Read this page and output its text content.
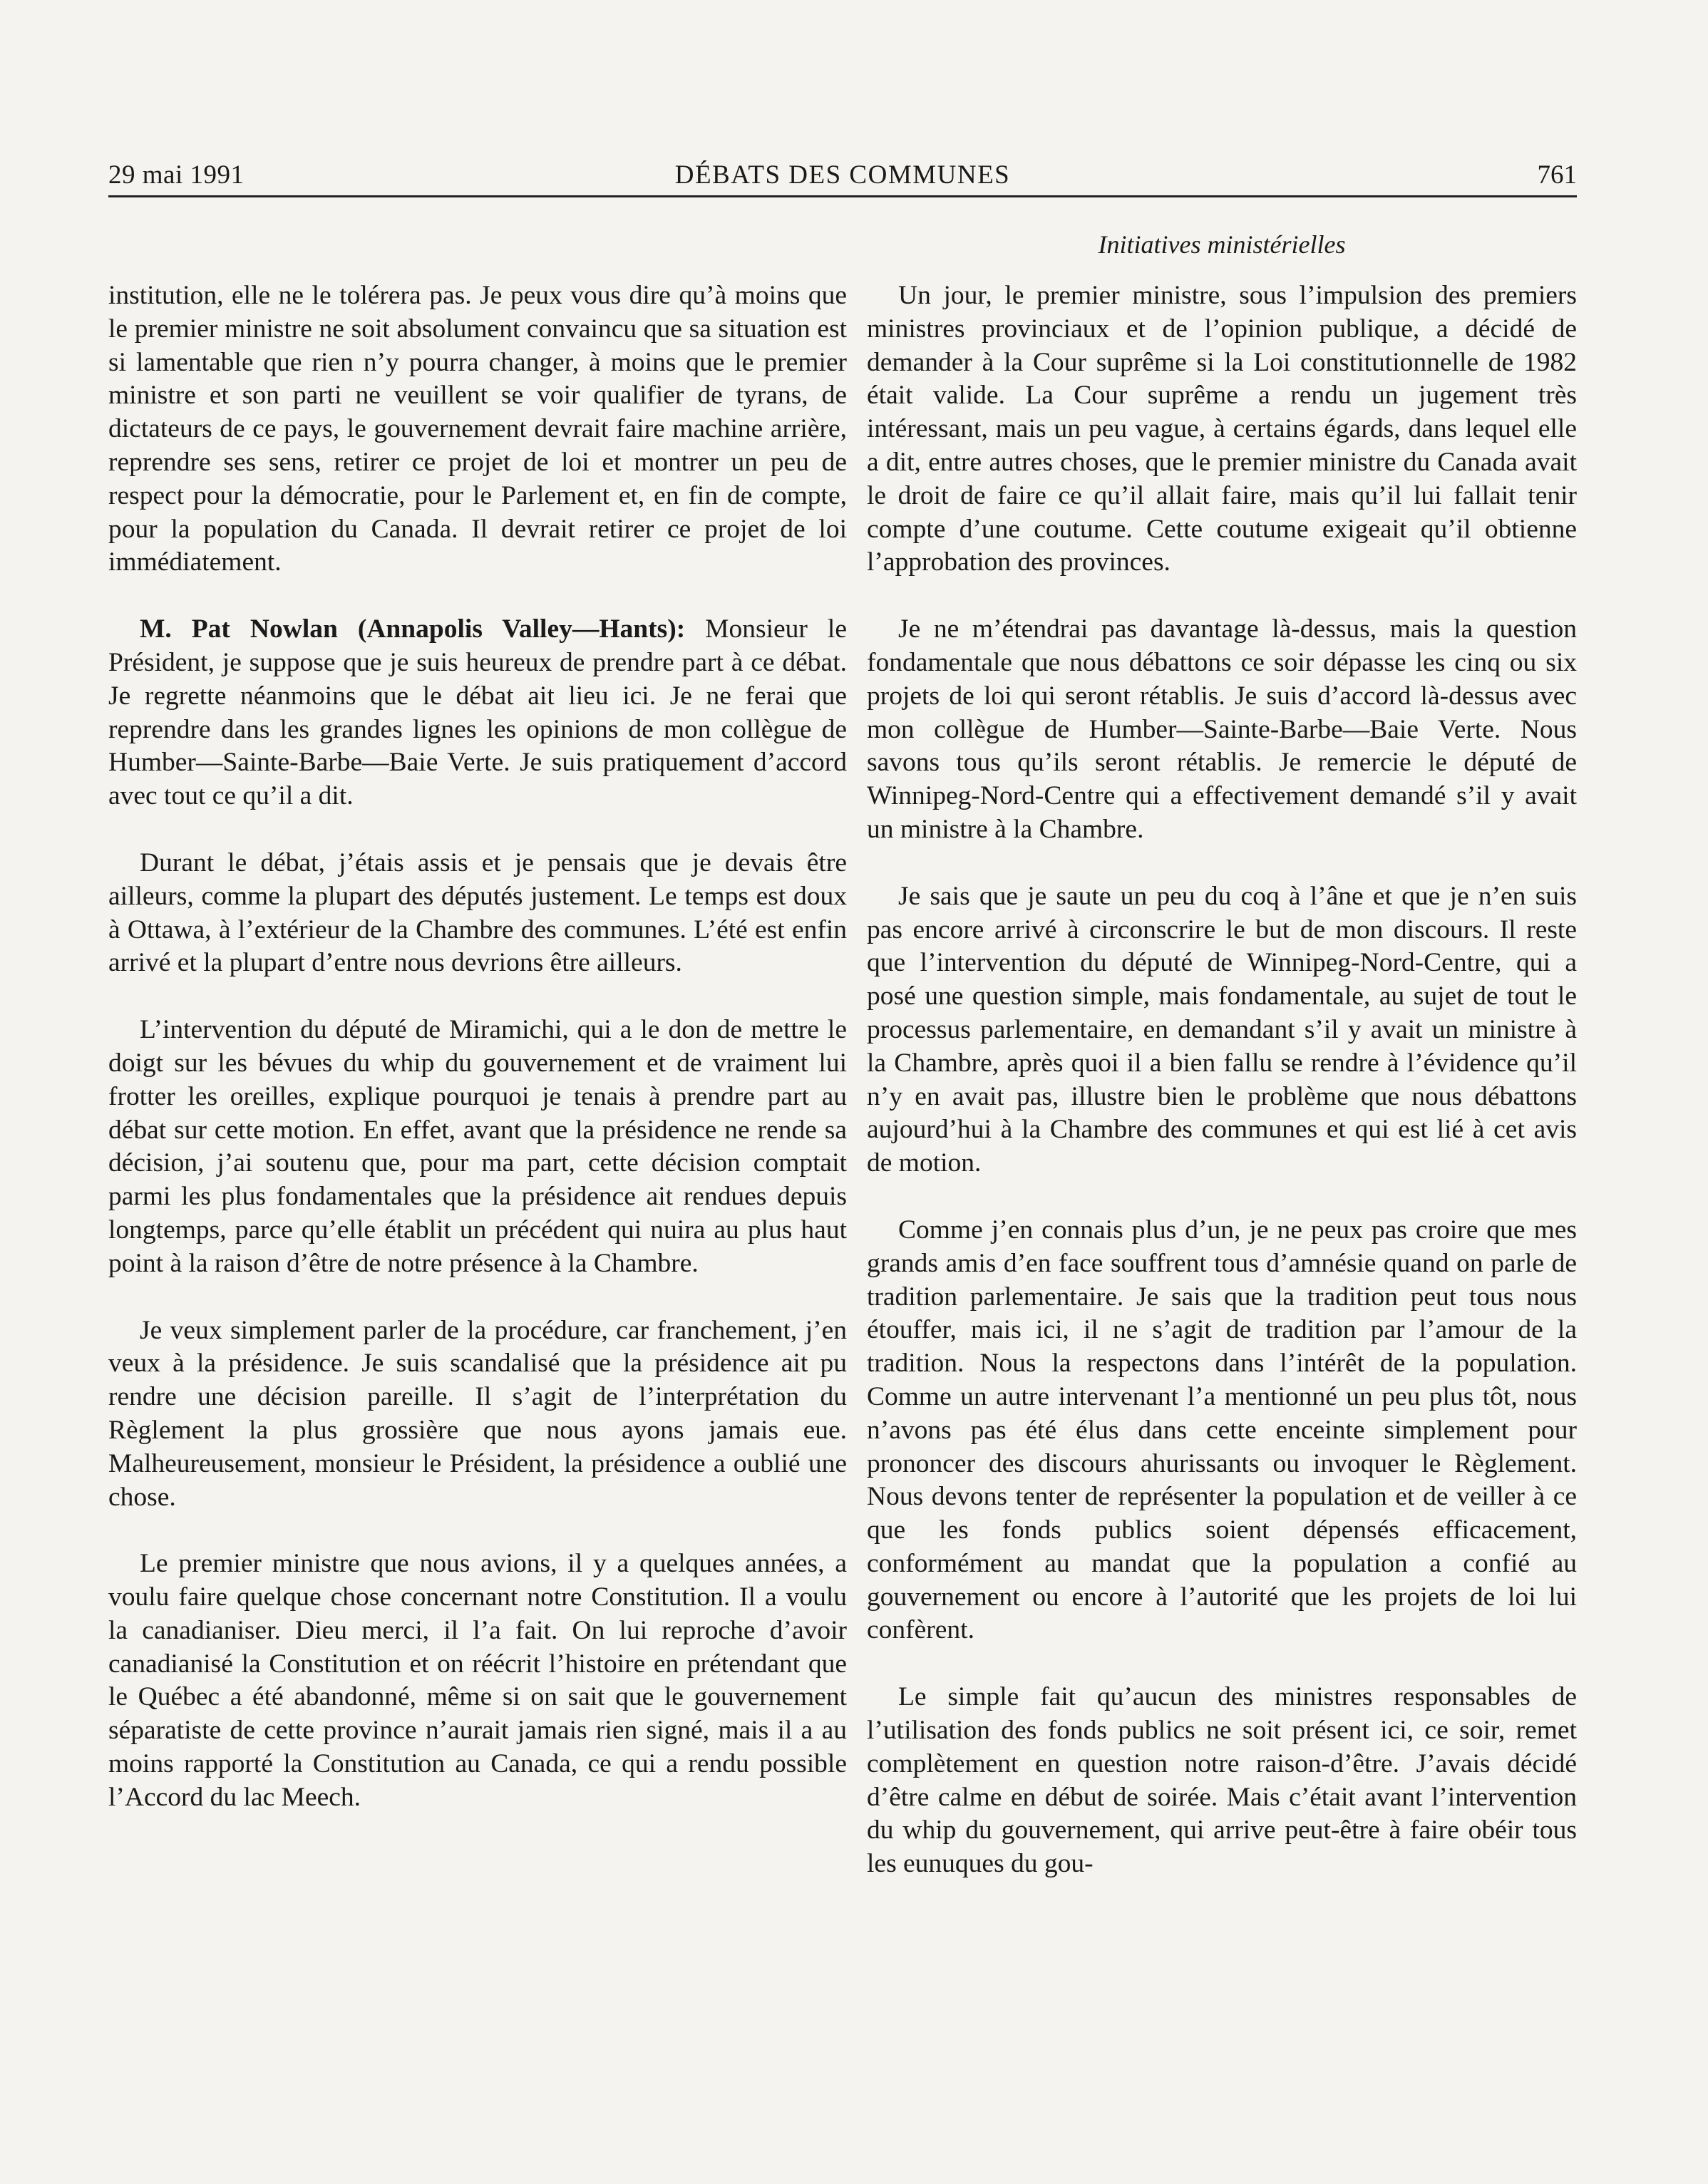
29 mai 1991	DÉBATS DES COMMUNES	761
Initiatives ministérielles

institution, elle ne le tolérera pas. Je peux vous dire qu’à moins que le premier ministre ne soit absolument convaincu que sa situation est si lamentable que rien n’y pourra changer, à moins que le premier ministre et son parti ne veuillent se voir qualifier de tyrans, de dictateurs de ce pays, le gouvernement devrait faire machine arrière, reprendre ses sens, retirer ce projet de loi et montrer un peu de respect pour la démocratie, pour le Parlement et, en fin de compte, pour la population du Canada. Il devrait retirer ce projet de loi immédiatement.

M. Pat Nowlan (Annapolis Valley—Hants): Monsieur le Président, je suppose que je suis heureux de prendre part à ce débat. Je regrette néanmoins que le débat ait lieu ici. Je ne ferai que reprendre dans les grandes lignes les opinions de mon collègue de Humber—Sainte-Barbe—Baie Verte. Je suis pratiquement d’accord avec tout ce qu’il a dit.

Durant le débat, j’étais assis et je pensais que je devais être ailleurs, comme la plupart des députés justement. Le temps est doux à Ottawa, à l’extérieur de la Chambre des communes. L’été est enfin arrivé et la plupart d’entre nous devrions être ailleurs.

L’intervention du député de Miramichi, qui a le don de mettre le doigt sur les bévues du whip du gouvernement et de vraiment lui frotter les oreilles, explique pourquoi je tenais à prendre part au débat sur cette motion. En effet, avant que la présidence ne rende sa décision, j’ai soutenu que, pour ma part, cette décision comptait parmi les plus fondamentales que la présidence ait rendues depuis longtemps, parce qu’elle établit un précédent qui nuira au plus haut point à la raison d’être de notre présence à la Chambre.

Je veux simplement parler de la procédure, car franchement, j’en veux à la présidence. Je suis scandalisé que la présidence ait pu rendre une décision pareille. Il s’agit de l’interprétation du Règlement la plus grossière que nous ayons jamais eue. Malheureusement, monsieur le Président, la présidence a oublié une chose.

Le premier ministre que nous avions, il y a quelques années, a voulu faire quelque chose concernant notre Constitution. Il a voulu la canadianiser. Dieu merci, il l’a fait. On lui reproche d’avoir canadianisé la Constitution et on réécrit l’histoire en prétendant que le Québec a été abandonné, même si on sait que le gouvernement séparatiste de cette province n’aurait jamais rien signé, mais il a au moins rapporté la Constitution au Canada, ce qui a rendu possible l’Accord du lac Meech.

Un jour, le premier ministre, sous l’impulsion des premiers ministres provinciaux et de l’opinion publique, a décidé de demander à la Cour suprême si la Loi constitutionnelle de 1982 était valide. La Cour suprême a rendu un jugement très intéressant, mais un peu vague, à certains égards, dans lequel elle a dit, entre autres choses, que le premier ministre du Canada avait le droit de faire ce qu’il allait faire, mais qu’il lui fallait tenir compte d’une coutume. Cette coutume exigeait qu’il obtienne l’approbation des provinces.

Je ne m’étendrai pas davantage là-dessus, mais la question fondamentale que nous débattons ce soir dépasse les cinq ou six projets de loi qui seront rétablis. Je suis d’accord là-dessus avec mon collègue de Humber—Sainte-Barbe—Baie Verte. Nous savons tous qu’ils seront rétablis. Je remercie le député de Winnipeg-Nord-Centre qui a effectivement demandé s’il y avait un ministre à la Chambre.

Je sais que je saute un peu du coq à l’âne et que je n’en suis pas encore arrivé à circonscrire le but de mon discours. Il reste que l’intervention du député de Winnipeg-Nord-Centre, qui a posé une question simple, mais fondamentale, au sujet de tout le processus parlementaire, en demandant s’il y avait un ministre à la Chambre, après quoi il a bien fallu se rendre à l’évidence qu’il n’y en avait pas, illustre bien le problème que nous débattons aujourd’hui à la Chambre des communes et qui est lié à cet avis de motion.

Comme j’en connais plus d’un, je ne peux pas croire que mes grands amis d’en face souffrent tous d’amnésie quand on parle de tradition parlementaire. Je sais que la tradition peut tous nous étouffer, mais ici, il ne s’agit de tradition par l’amour de la tradition. Nous la respectons dans l’intérêt de la population. Comme un autre intervenant l’a mentionné un peu plus tôt, nous n’avons pas été élus dans cette enceinte simplement pour prononcer des discours ahurissants ou invoquer le Règlement. Nous devons tenter de représenter la population et de veiller à ce que les fonds publics soient dépensés efficacement, conformément au mandat que la population a confié au gouvernement ou encore à l’autorité que les projets de loi lui confèrent.

Le simple fait qu’aucun des ministres responsables de l’utilisation des fonds publics ne soit présent ici, ce soir, remet complètement en question notre raison-d’être. J’avais décidé d’être calme en début de soirée. Mais c’était avant l’intervention du whip du gouvernement, qui arrive peut-être à faire obéir tous les eunuques du gou-
